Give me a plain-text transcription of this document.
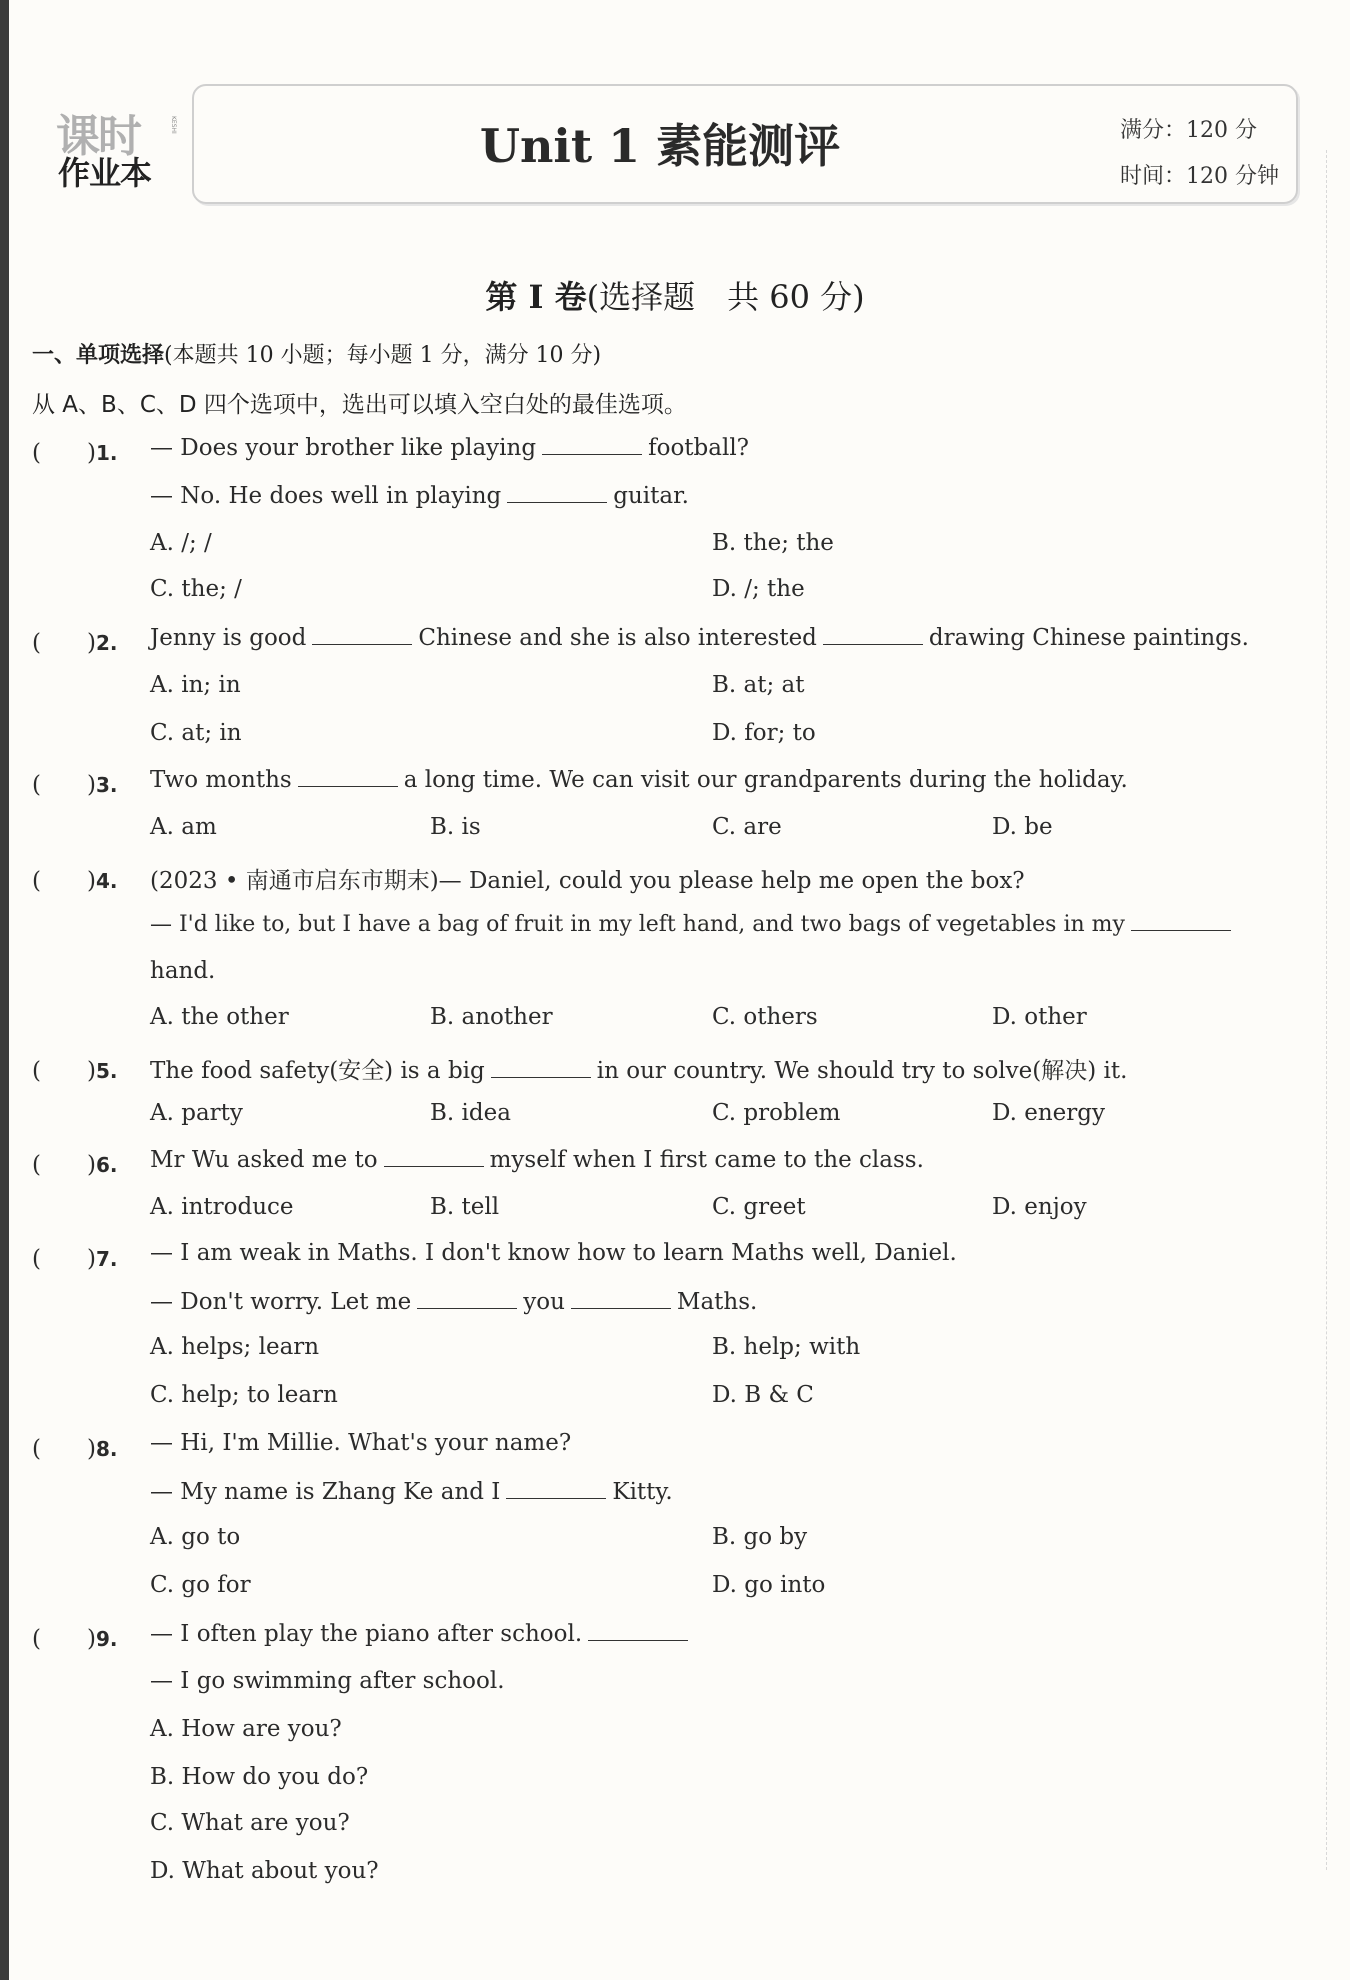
课时
作业本
KESHI	Unit 1 素能测评	满分：120 分
时间：120 分钟
第 I 卷(选择题　共 60 分)
一、单项选择(本题共 10 小题；每小题 1 分，满分 10 分)
从 A、B、C、D 四个选项中，选出可以填入空白处的最佳选项。
(　　)1. — Does your brother like playing	football?
— No. He does well in playing	guitar.
A. /; /	B. the; the
C. the; /	D. /; the
(　　)2. Jenny is good	Chinese and she is also interested	drawing Chinese paintings.
A. in; in	B. at; at
C. at; in	D. for; to
(　　)3. Two months	a long time. We can visit our grandparents during the holiday.
A. am	B. is	C. are	D. be
(　　)4. (2023 • 南通市启东市期末)— Daniel, could you please help me open the box?
— I'd like to, but I have a bag of fruit in my left hand, and two bags of vegetables in my
hand.
A. the other	B. another	C. others	D. other
(　　)5. The food safety(安全) is a big	in our country. We should try to solve(解决) it.
A. party	B. idea	C. problem	D. energy
(　　)6. Mr Wu asked me to	myself when I first came to the class.
A. introduce	B. tell	C. greet	D. enjoy
(　　)7. — I am weak in Maths. I don't know how to learn Maths well, Daniel.
— Don't worry. Let me	you	Maths.
A. helps; learn	B. help; with
C. help; to learn	D. B & C
(　　)8. — Hi, I'm Millie. What's your name?
— My name is Zhang Ke and I	Kitty.
A. go to	B. go by
C. go for	D. go into
(　　)9. — I often play the piano after school.
— I go swimming after school.
A. How are you?
B. How do you do?
C. What are you?
D. What about you?
